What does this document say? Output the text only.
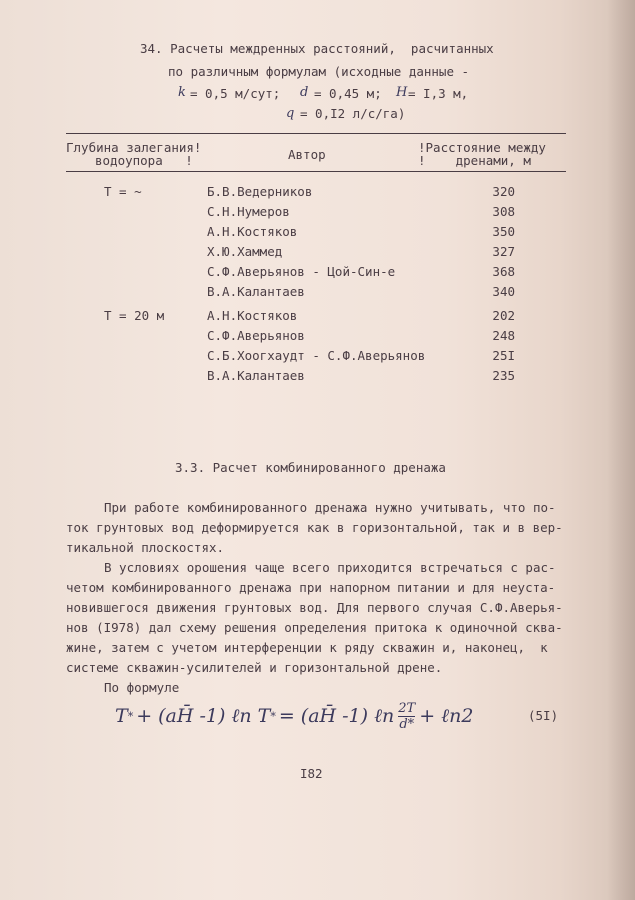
34. Расчеты междренных расстояний,  расчитанных
по различным формулам (исходные данные -
k = 0,5 м/сут; d = 0,45 м; H = I,3 м,
q = 0,I2 л/с/га)
Глубина залегания!
водоупора   !	Автор	!Расстояние между
!    дренами, м
T = ~	Б.В.Ведерников	320
С.Н.Нумеров	308
А.Н.Костяков	350
Х.Ю.Хаммед	327
С.Ф.Аверьянов - Цой-Син-е	368
В.А.Калантаев	340
T = 20 м	А.Н.Костяков	202
С.Ф.Аверьянов	248
С.Б.Хоогхаудт - С.Ф.Аверьянов	25I
В.А.Калантаев	235
3.3. Расчет комбинированного дренажа
При работе комбинированного дренажа нужно учитывать, что по-
ток грунтовых вод деформируется как в горизонтальной, так и в вер-
тикальной плоскостях.
В условиях орошения чаще всего приходится встречаться с рас-
четом комбинированного дренажа при напорном питании и для неуста-
новившегося движения грунтовых вод. Для первого случая С.Ф.Аверья-
нов (I978) дал схему решения определения притока к одиночной сква-
жине, затем с учетом интерференции к ряду скважин и, наконец,  к
системе скважин-усилителей и горизонтальной дрене.
По формуле
T * + (аH̄ -1) ℓn T * = (аH̄ -1) ℓn $\frac{2T}{d*}$ + ℓn2	(5I)
I82
